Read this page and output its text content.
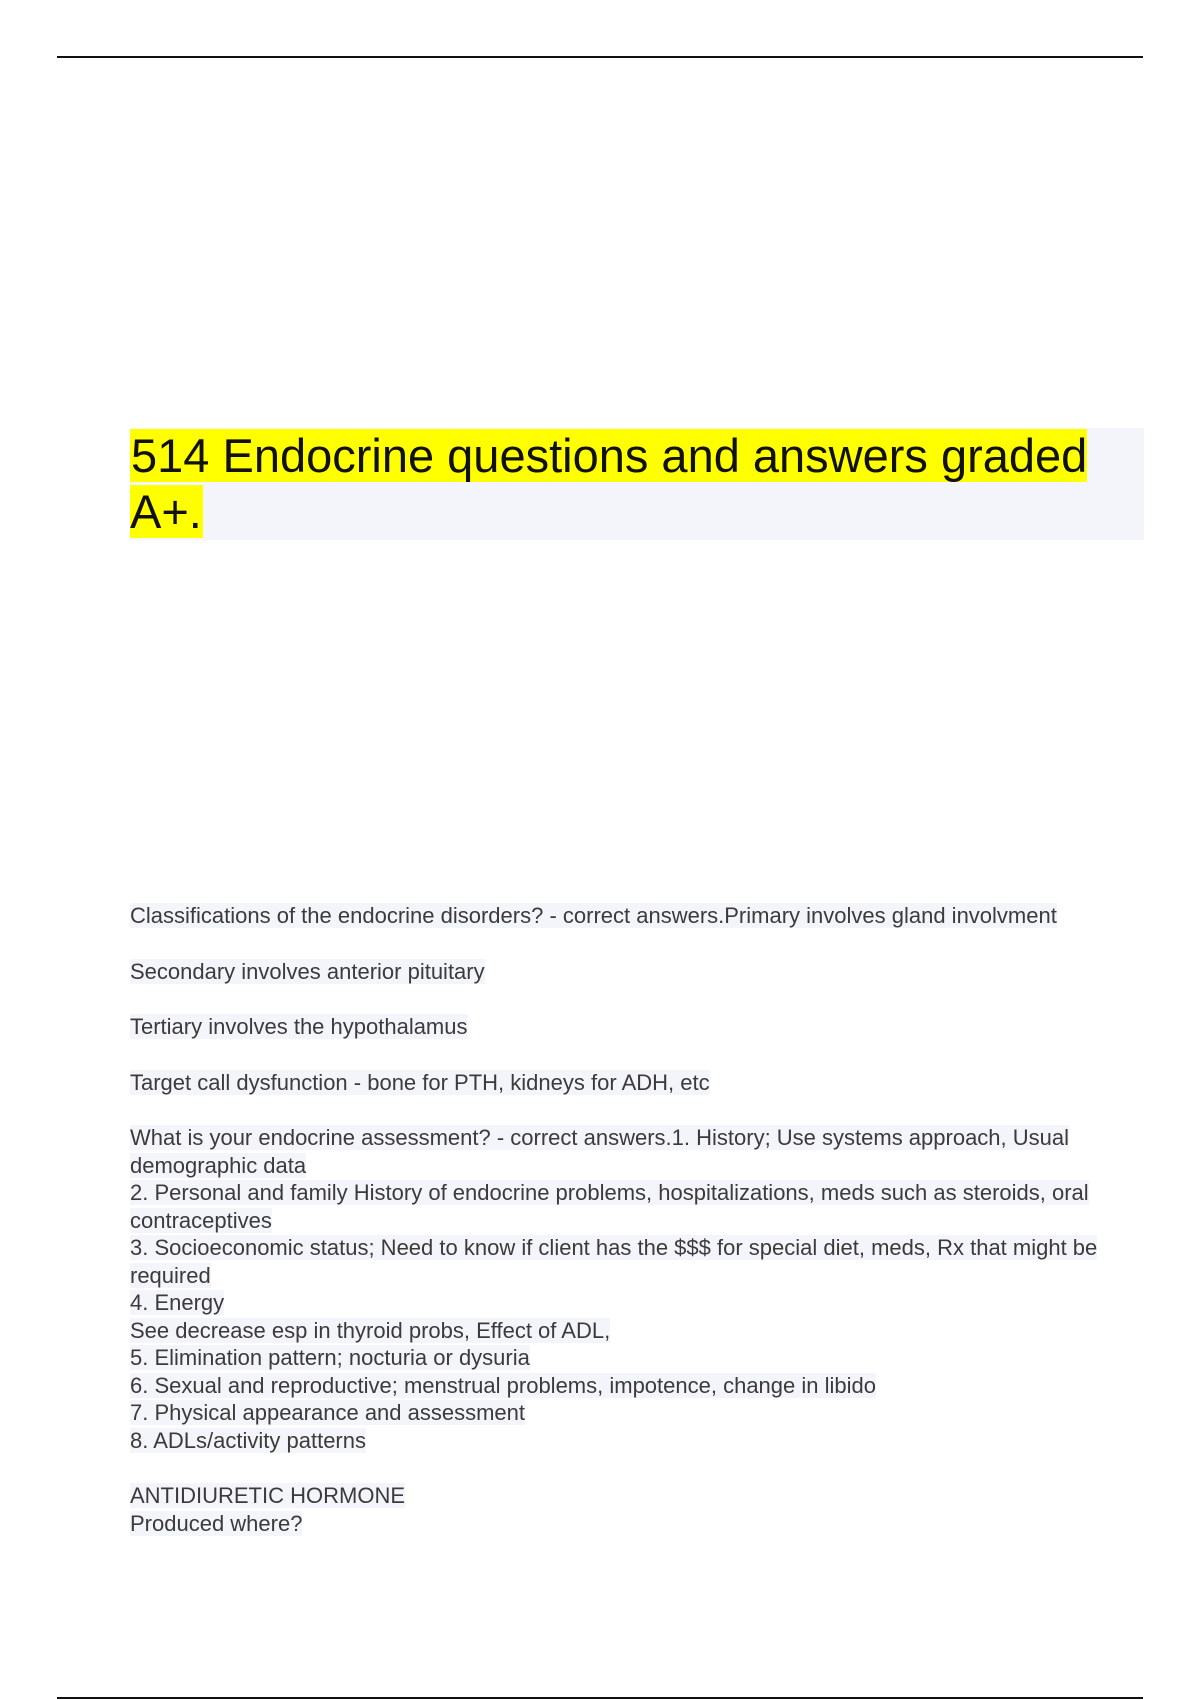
514 Endocrine questions and answers graded A+.
Classifications of the endocrine disorders? - correct answers.Primary involves gland involvment
Secondary involves anterior pituitary
Tertiary involves the hypothalamus
Target call dysfunction - bone for PTH, kidneys for ADH, etc
What is your endocrine assessment? - correct answers.1. History; Use systems approach, Usual demographic data
2. Personal and family History of endocrine problems, hospitalizations, meds such as steroids, oral contraceptives
3. Socioeconomic status; Need to know if client has the $$$ for special diet, meds, Rx that might be required
4. Energy
See decrease esp in thyroid probs, Effect of ADL,
5. Elimination pattern; nocturia or dysuria
6. Sexual and reproductive; menstrual problems, impotence, change in libido
7. Physical appearance and assessment
8. ADLs/activity patterns
ANTIDIURETIC HORMONE
Produced where?
